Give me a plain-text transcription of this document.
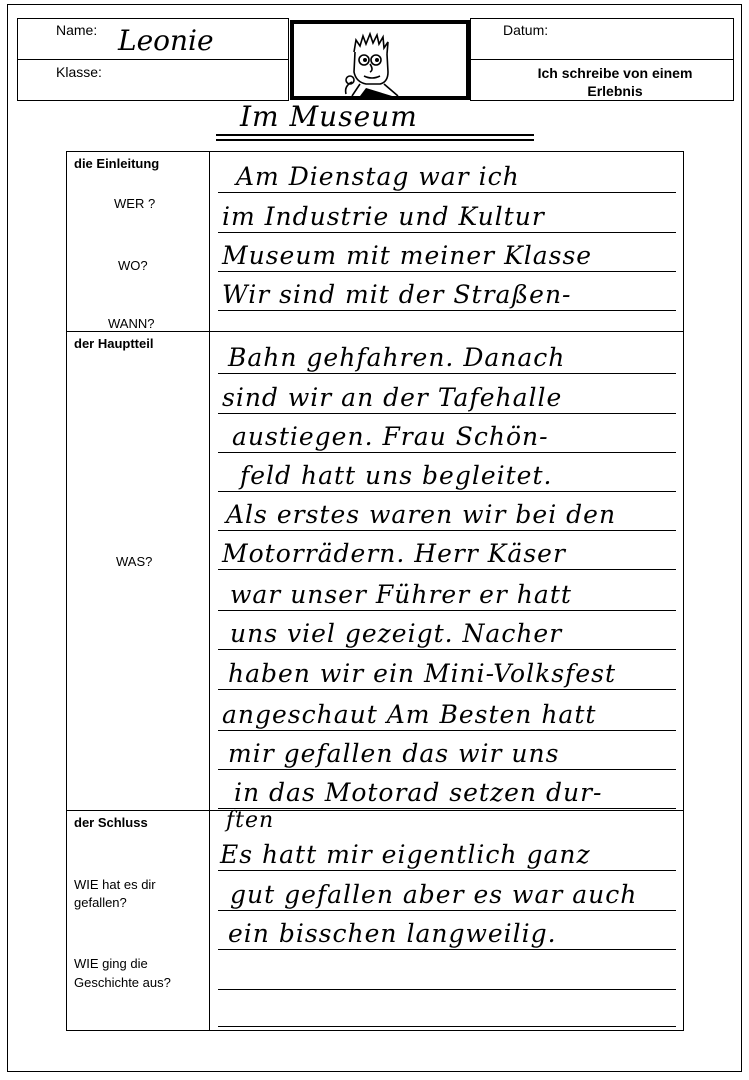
Name: Leonie
Klasse:
Datum:
Ich schreibe von einem Erlebnis
Im Museum
die Einleitung
WER ?
WO?
WANN?
der Hauptteil
WAS?
der Schluss
WIE hat es dir gefallen?
WIE ging die Geschichte aus?
Am Dienstag war ich
im Industrie und Kultur
Museum mit meiner Klasse
Wir sind mit der Straßen-
Bahn gehfahren. Danach
sind wir an der Tafehalle
austiegen. Frau Schön-
feld hatt uns begleitet.
Als erstes waren wir bei den
Motorrädern. Herr Käser
war unser Führer er hatt
uns viel gezeigt. Nacher
haben wir ein Mini-Volksfest
angeschaut Am Besten hatt
mir gefallen das wir uns
in das Motorad setzen dur-
ften
Es hatt mir eigentlich ganz
gut gefallen aber es war auch
ein bisschen langweilig.
